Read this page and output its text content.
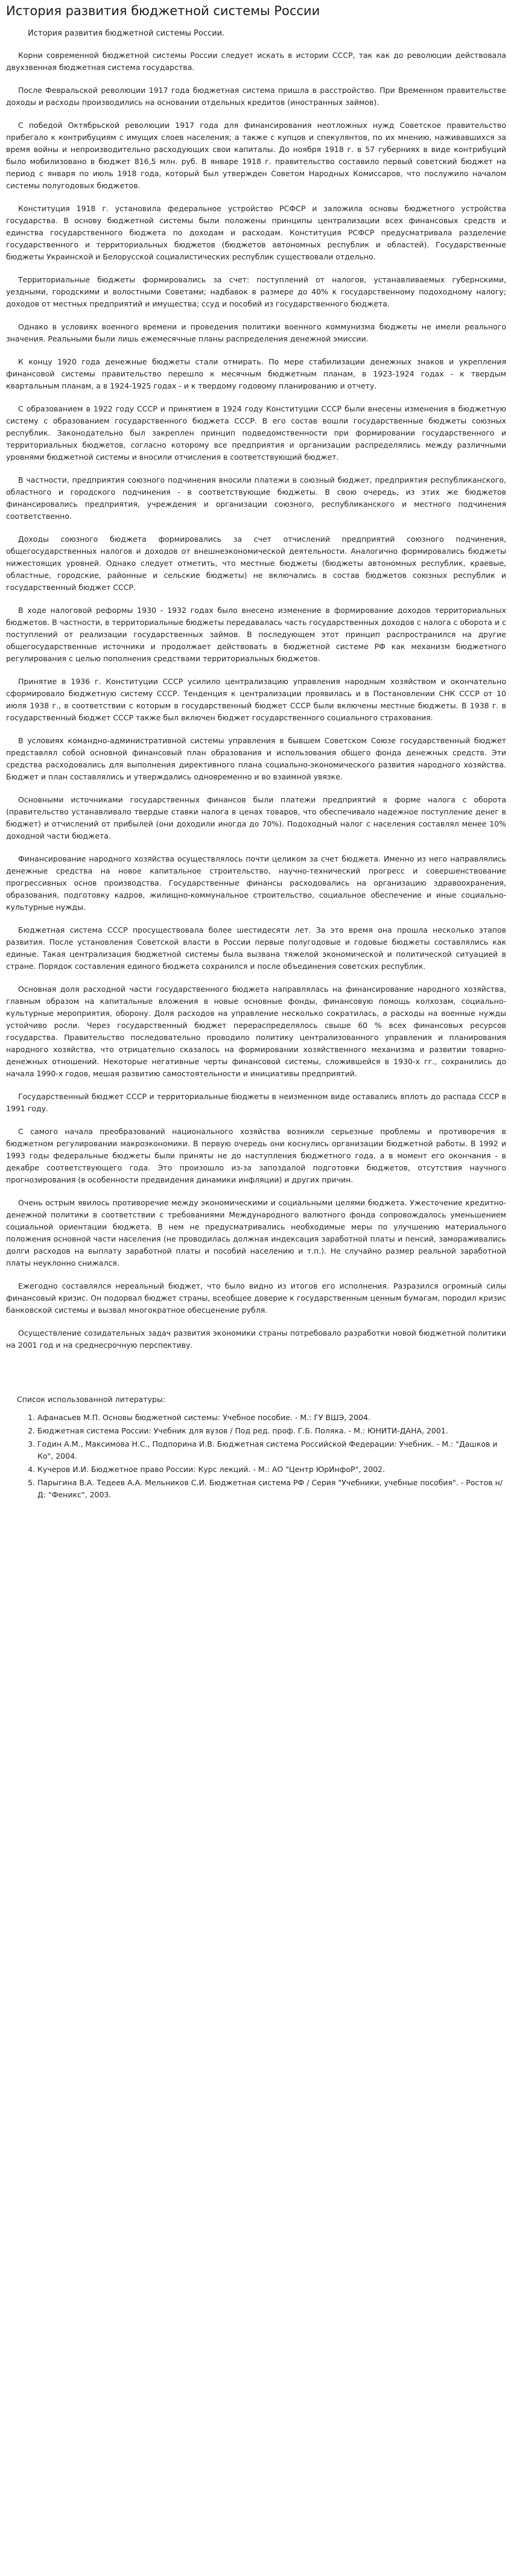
История развития бюджетной системы России
История развития бюджетной системы России.

Корни современной бюджетной системы России следует искать в истории СССР, так как до революции действовала двухзвенная бюджетная система государства.

После Февральской революции 1917 года бюджетная система пришла в расстройство. При Временном правительстве доходы и расходы производились на основании отдельных кредитов (иностранных займов).

С победой Октябрьской революции 1917 года для финансирования неотложных нужд Советское правительство прибегало к контрибуциям с имущих слоев населения; а также с купцов и спекулянтов, по их мнению, наживавшихся за время войны и непроизводительно расходующих свои капиталы. До ноября 1918 г. в 57 губерниях в виде контрибуций было мобилизовано в бюджет 816,5 млн. руб. В январе 1918 г. правительство составило первый советский бюджет на период с января по июль 1918 года, который был утвержден Советом Народных Комиссаров, что послужило началом системы полугодовых бюджетов.

Конституция 1918 г. установила федеральное устройство РСФСР и заложила основы бюджетного устройства государства. В основу бюджетной системы были положены принципы централизации всех финансовых средств и единства государственного бюджета по доходам и расходам. Конституция РСФСР предусматривала разделение государственного и территориальных бюджетов (бюджетов автономных республик и областей). Государственные бюджеты Украинской и Белорусской социалистических республик существовали отдельно.

Территориальные бюджеты формировались за счет: поступлений от налогов, устанавливаемых губернскими, уездными, городскими и волостными Советами; надбавок в размере до 40% к государственному подоходному налогу; доходов от местных предприятий и имущества; ссуд и пособий из государственного бюджета.

Однако в условиях военного времени и проведения политики военного коммунизма бюджеты не имели реального значения. Реальными были лишь ежемесячные планы распределения денежной эмиссии.

К концу 1920 года денежные бюджеты стали отмирать. По мере стабилизации денежных знаков и укрепления финансовой системы правительство перешло к месячным бюджетным планам, в 1923-1924 годах - к твердым квартальным планам, а в 1924-1925 годах - и к твердому годовому планированию и отчету.

С образованием в 1922 году СССР и принятием в 1924 году Конституции СССР были внесены изменения в бюджетную систему с образованием государственного бюджета СССР. В его состав вошли государственные бюджеты союзных республик. Законодательно был закреплен принцип подведомственности при формировании государственного и территориальных бюджетов, согласно которому все предприятия и организации распределялись между различными уровнями бюджетной системы и вносили отчисления в соответствующий бюджет.

В частности, предприятия союзного подчинения вносили платежи в союзный бюджет, предприятия республиканского, областного и городского подчинения - в соответствующие бюджеты. В свою очередь, из этих же бюджетов финансировались предприятия, учреждения и организации союзного, республиканского и местного подчинения соответственно.

Доходы союзного бюджета формировались за счет отчислений предприятий союзного подчинения, общегосударственных налогов и доходов от внешнеэкономической деятельности. Аналогично формировались бюджеты нижестоящих уровней. Однако следует отметить, что местные бюджеты (бюджеты автономных республик, краевые, областные, городские, районные и сельские бюджеты) не включались в состав бюджетов союзных республик и государственный бюджет СССР.

В ходе налоговой реформы 1930 - 1932 годах было внесено изменение в формирование доходов территориальных бюджетов. В частности, в территориальные бюджеты передавалась часть государственных доходов с налога с оборота и с поступлений от реализации государственных займов. В последующем этот принцип распространился на другие общегосударственные источники и продолжает действовать в бюджетной системе РФ как механизм бюджетного регулирования с целью пополнения средствами территориальных бюджетов.

Принятие в 1936 г. Конституции СССР усилило централизацию управления народным хозяйством и окончательно сформировало бюджетную систему СССР. Тенденция к централизации проявилась и в Постановлении СНК СССР от 10 июля 1938 г., в соответствии с которым в государственный бюджет СССР были включены местные бюджеты. В 1938 г. в государственный бюджет СССР также был включен бюджет государственного социального страхования.

В условиях командно-административной системы управления в бывшем Советском Союзе государственный бюджет представлял собой основной финансовый план образования и использования общего фонда денежных средств. Эти средства расходовались для выполнения директивного плана социально-экономического развития народного хозяйства. Бюджет и план составлялись и утверждались одновременно и во взаимной увязке.

Основными источниками государственных финансов были платежи предприятий в форме налога с оборота (правительство устанавливало твердые ставки налога в ценах товаров, что обеспечивало надежное поступление денег в бюджет) и отчислений от прибылей (они доходили иногда до 70%). Подоходный налог с населения составлял менее 10% доходной части бюджета.

Финансирование народного хозяйства осуществлялось почти целиком за счет бюджета. Именно из него направлялись денежные средства на новое капитальное строительство, научно-технический прогресс и совершенствование прогрессивных основ производства. Государственные финансы расходовались на организацию здравоохранения, образования, подготовку кадров, жилищно-коммунальное строительство, социальное обеспечение и иные социально-культурные нужды.

Бюджетная система СССР просуществовала более шестидесяти лет. За это время она прошла несколько этапов развития. После установления Советской власти в России первые полугодовые и годовые бюджеты составлялись как единые. Такая централизация бюджетной системы была вызвана тяжелой экономической и политической ситуацией в стране. Порядок составления единого бюджета сохранился и после объединения советских республик.

Основная доля расходной части государственного бюджета направлялась на финансирование народного хозяйства, главным образом на капитальные вложения в новые основные фонды, финансовую помощь колхозам, социально-культурные мероприятия, оборону. Доля расходов на управление несколько сократилась, а расходы на военные нужды устойчиво росли. Через государственный бюджет перераспределялось свыше 60 % всех финансовых ресурсов государства. Правительство последовательно проводило политику централизованного управления и планирования народного хозяйства, что отрицательно сказалось на формировании хозяйственного механизма и развитии товарно-денежных отношений. Некоторые негативные черты финансовой системы, сложившейся в 1930-х гг., сохранились до начала 1990-х годов, мешая развитию самостоятельности и инициативы предприятий.

Государственный бюджет СССР и территориальные бюджеты в неизменном виде оставались вплоть до распада СССР в 1991 году.

С самого начала преобразований национального хозяйства возникли серьезные проблемы и противоречия в бюджетном регулировании макроэкономики. В первую очередь они коснулись организации бюджетной работы. В 1992 и 1993 годы федеральные бюджеты были приняты не до наступления бюджетного года, а в момент его окончания - в декабре соответствующего года. Это произошло из-за запоздалой подготовки бюджетов, отсутствия научного прогнозирования (в особенности предвидения динамики инфляции) и других причин.

Очень острым явилось противоречие между экономическими и социальными целями бюджета. Ужесточение кредитно-денежной политики в соответствии с требованиями Международного валютного фонда сопровождалось уменьшением социальной ориентации бюджета. В нем не предусматривались необходимые меры по улучшению материального положения основной части населения (не проводилась должная индексация заработной платы и пенсий, замораживались долги расходов на выплату заработной платы и пособий населению и т.п.). Не случайно размер реальной заработной платы неуклонно снижался.

Ежегодно составлялся нереальный бюджет, что было видно из итогов его исполнения. Разразился огромный силы финансовый кризис. Он подорвал бюджет страны, всеобщее доверие к государственным ценным бумагам, породил кризис банковской системы и вызвал многократное обесценение рубля.

Осуществление созидательных задач развития экономики страны потребовало разработки новой бюджетной политики на 2001 год и на среднесрочную перспективу.

Список использованной литературы:
1. Афанасьев М.П. Основы бюджетной системы: Учебное пособие. - М.: ГУ ВШЭ, 2004.
2. Бюджетная система России: Учебник для вузов / Под ред. проф. Г.Б. Поляка. - М.: ЮНИТИ-ДАНА, 2001.
3. Годин А.М., Максимова Н.С., Подпорина И.В. Бюджетная система Российской Федерации: Учебник. - М.: "Дашков и Ко", 2004.
4. Кучеров И.И. Бюджетное право России: Курс лекций. - М.: АО "Центр ЮрИнфоР", 2002.
5. Парыгина В.А. Тедеев А.А. Мельников С.И. Бюджетная система РФ / Серия "Учебники, учебные пособия". - Ростов н/Д: "Феникс", 2003.
